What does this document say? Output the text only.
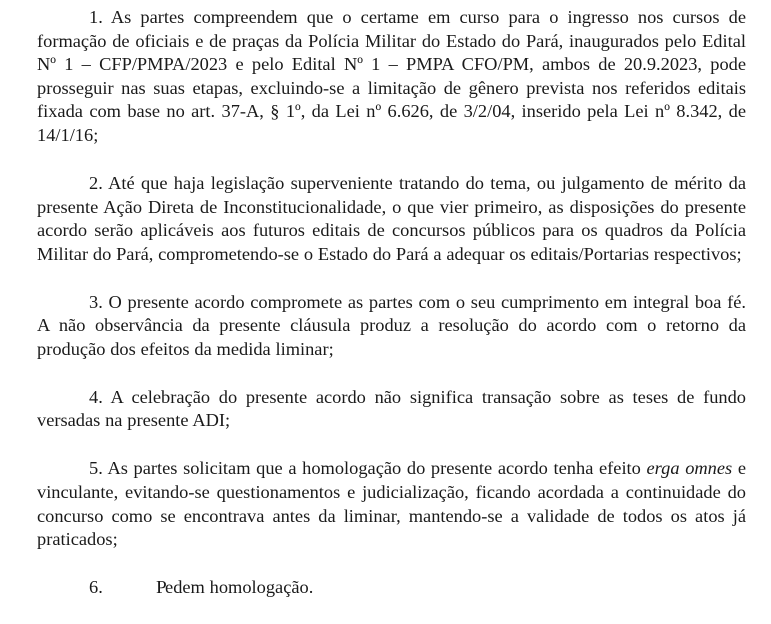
1. As partes compreendem que o certame em curso para o ingresso nos cursos de formação de oficiais e de praças da Polícia Militar do Estado do Pará, inaugurados pelo Edital Nº 1 – CFP/PMPA/2023 e pelo Edital Nº 1 – PMPA CFO/PM, ambos de 20.9.2023, pode prosseguir nas suas etapas, excluindo-se a limitação de gênero prevista nos referidos editais fixada com base no art. 37-A, § 1º, da Lei nº 6.626, de 3/2/04, inserido pela Lei nº 8.342, de 14/1/16;

2. Até que haja legislação superveniente tratando do tema, ou julgamento de mérito da presente Ação Direta de Inconstitucionalidade, o que vier primeiro, as disposições do presente acordo serão aplicáveis aos futuros editais de concursos públicos para os quadros da Polícia Militar do Pará, comprometendo-se o Estado do Pará a adequar os editais/Portarias respectivos;

3. O presente acordo compromete as partes com o seu cumprimento em integral boa fé. A não observância da presente cláusula produz a resolução do acordo com o retorno da produção dos efeitos da medida liminar;

4. A celebração do presente acordo não significa transação sobre as teses de fundo versadas na presente ADI;

5. As partes solicitam que a homologação do presente acordo tenha efeito erga omnes e vinculante, evitando-se questionamentos e judicialização, ficando acordada a continuidade do concurso como se encontrava antes da liminar, mantendo-se a validade de todos os atos já praticados;

6.	Pedem homologação.
